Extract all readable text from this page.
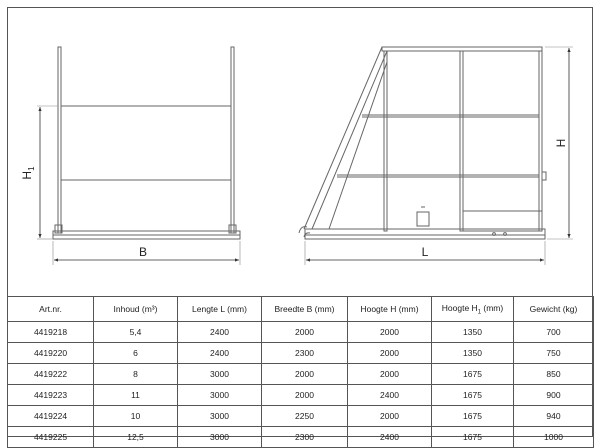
$H_1$
B
H
L
Art.nr.	Inhoud (m³)	Lengte L (mm)	Breedte B (mm)	Hoogte H (mm)	Hoogte $H_1$ (mm)	Gewicht (kg)
4419218	5,4	2400	2000	2000	1350	700
4419220	6	2400	2300	2000	1350	750
4419222	8	3000	2000	2000	1675	850
4419223	11	3000	2000	2400	1675	900
4419224	10	3000	2250	2000	1675	940
4419225	12,5	3000	2300	2400	1675	1000
